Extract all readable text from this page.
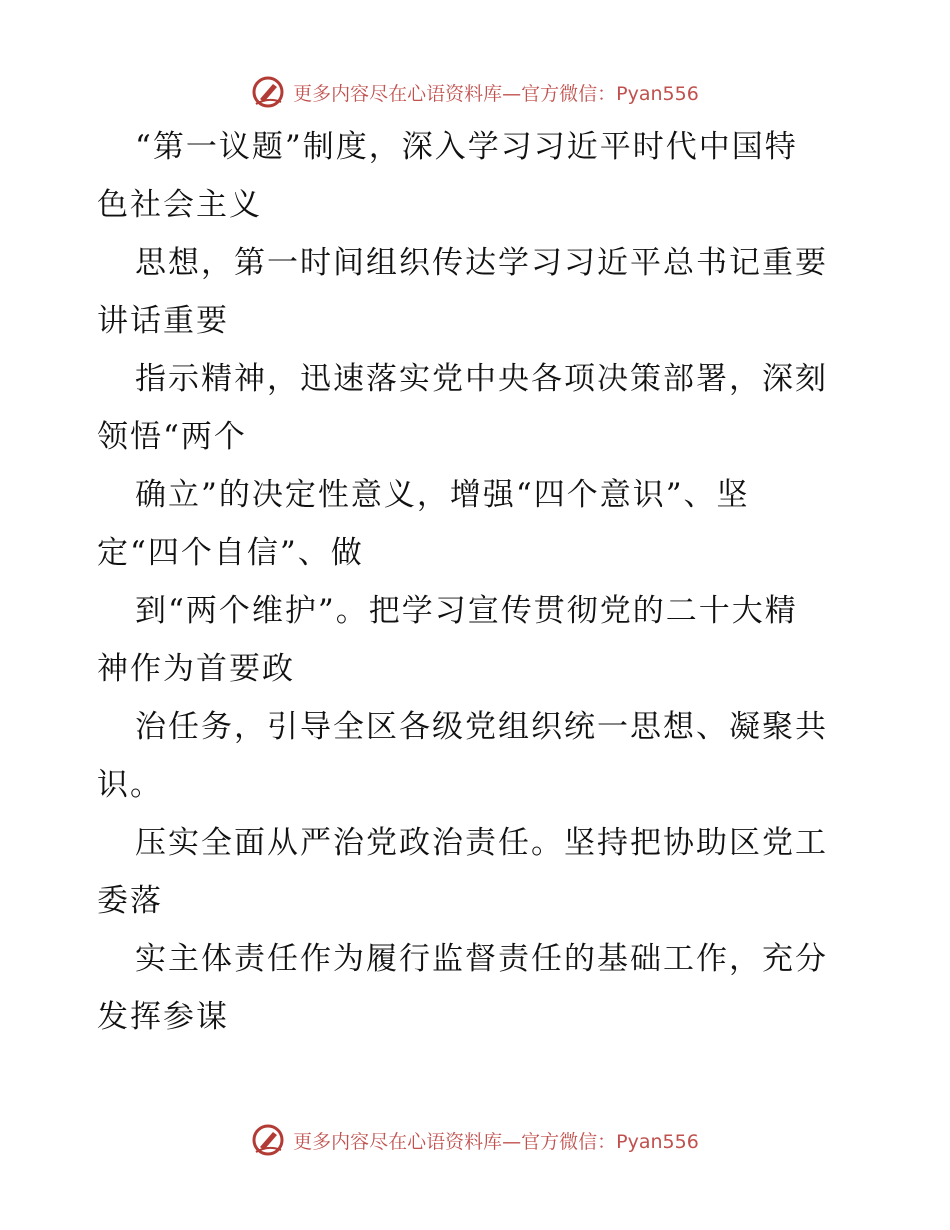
更多内容尽在心语资料库—官方微信：Pyan556
“第一议题”制度，深入学习习近平时代中国特
色社会主义
思想，第一时间组织传达学习习近平总书记重要
讲话重要
指示精神，迅速落实党中央各项决策部署，深刻
领悟“两个
确立”的决定性意义，增强“四个意识”、坚
定“四个自信”、做
到“两个维护”。把学习宣传贯彻党的二十大精
神作为首要政
治任务，引导全区各级党组织统一思想、凝聚共
识。
压实全面从严治党政治责任。坚持把协助区党工
委落
实主体责任作为履行监督责任的基础工作，充分
发挥参谋
更多内容尽在心语资料库—官方微信：Pyan556
